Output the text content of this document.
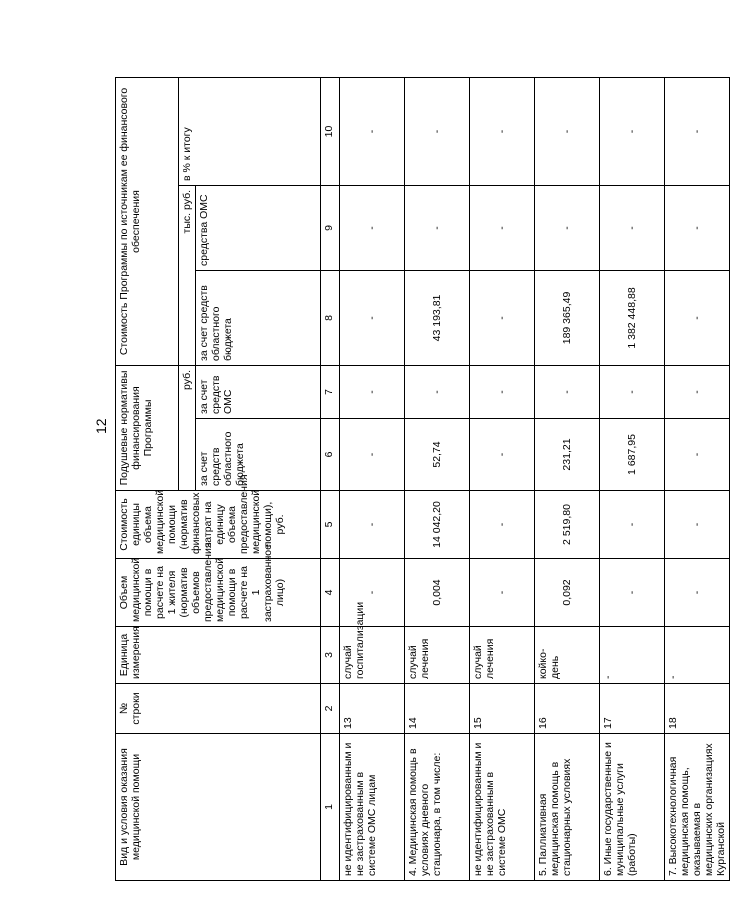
12
Вид и условия оказания медицинской помощи	№ строки	Единица измерения	Объем медицинской помощи в расчете на 1 жителя (норматив объемов предоставления медицинской помощи в расчете на 1 застрахованное лицо)	Стоимость единицы объема медицинской помощи (норматив финансовых затрат на единицу объема предоставления медицинской помощи), руб.	Подушевые нормативы финансирования Программы		Стоимость Программы по источникам ее финансового обеспечения		
					руб.		тыс. руб.		в % к итогу
					за счет средств областного бюджета	за счет средств ОМС	за счет средств областного бюджета	средства ОМС	
1	2	3	4	5	6	7	8	9	10
не идентифицированным и не застрахованным в системе ОМС лицам	13	случай госпитализации	-	-	-	-	-	-	-
4. Медицинская помощь в условиях дневного стационара, в том числе:	14	случай лечения	0,004	14 042,20	52,74	-	43 193,81	-	-
не идентифицированным и не застрахованным в системе ОМС	15	случай лечения	-	-	-	-	-	-	-
5. Паллиативная медицинская помощь в стационарных условиях	16	койко-день	0,092	2 519,80	231,21	-	189 365,49	-	-
6. Иные государственные и муниципальные услуги (работы)	17	-	-	-	1 687,95	-	1 382 448,88	-	-
7. Высокотехнологичная медицинская помощь, оказываемая в медицинских организациях Курганской	18	-	-	-	-	-	-	-	-
